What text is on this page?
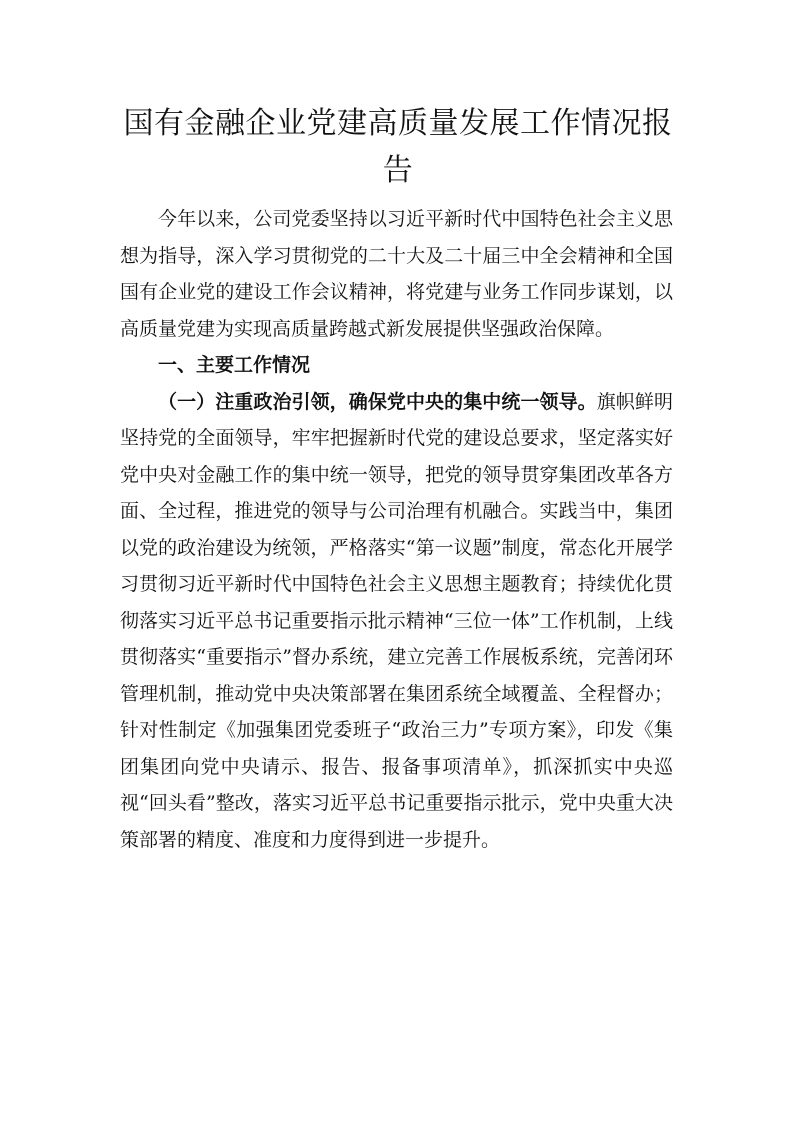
国有金融企业党建高质量发展工作情况报告

今年以来，公司党委坚持以习近平新时代中国特色社会主义思想为指导，深入学习贯彻党的二十大及二十届三中全会精神和全国国有企业党的建设工作会议精神，将党建与业务工作同步谋划，以高质量党建为实现高质量跨越式新发展提供坚强政治保障。

一、主要工作情况

（一）注重政治引领，确保党中央的集中统一领导。旗帜鲜明坚持党的全面领导，牢牢把握新时代党的建设总要求，坚定落实好党中央对金融工作的集中统一领导，把党的领导贯穿集团改革各方面、全过程，推进党的领导与公司治理有机融合。实践当中，集团以党的政治建设为统领，严格落实“第一议题”制度，常态化开展学习贯彻习近平新时代中国特色社会主义思想主题教育；持续优化贯彻落实习近平总书记重要指示批示精神“三位一体”工作机制，上线贯彻落实“重要指示”督办系统，建立完善工作展板系统，完善闭环管理机制，推动党中央决策部署在集团系统全域覆盖、全程督办；针对性制定《加强集团党委班子“政治三力”专项方案》，印发《集团集团向党中央请示、报告、报备事项清单》，抓深抓实中央巡视“回头看”整改，落实习近平总书记重要指示批示，党中央重大决策部署的精度、准度和力度得到进一步提升。
